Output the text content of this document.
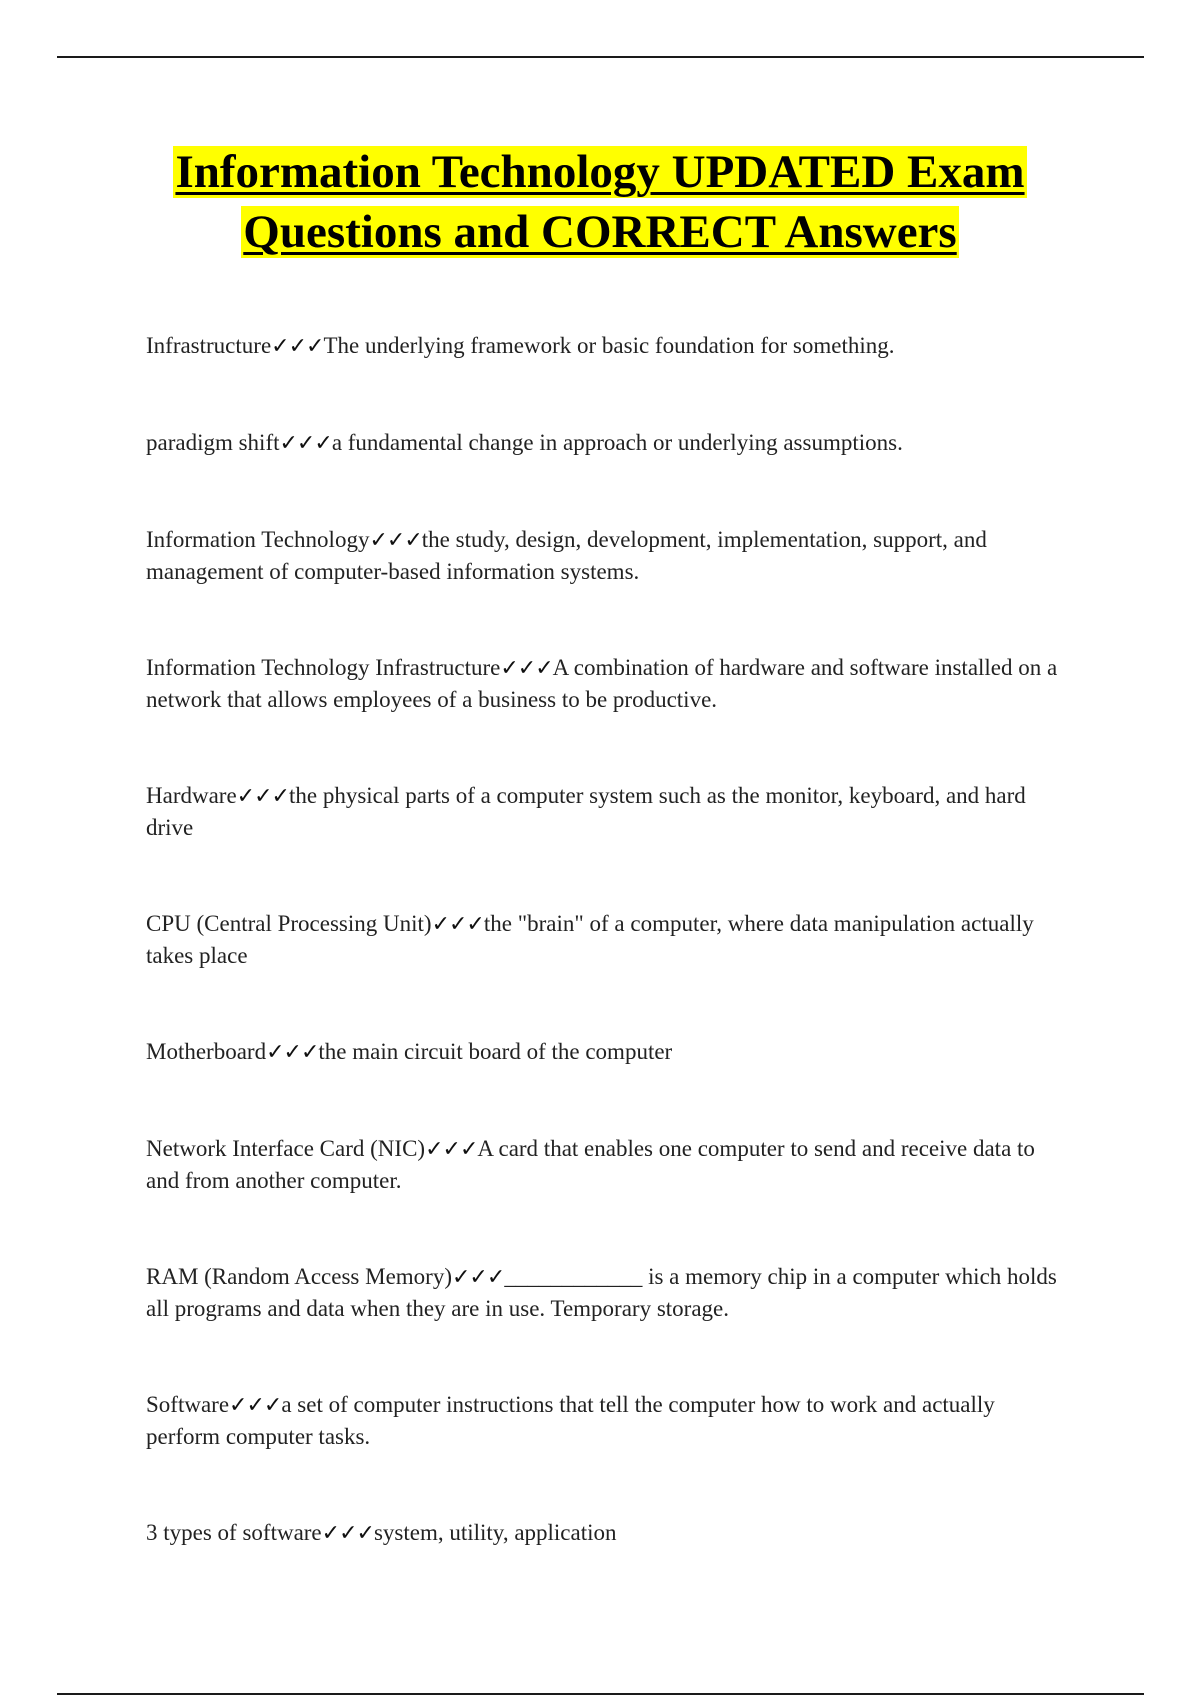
Information Technology UPDATED Exam
Questions and CORRECT Answers

Infrastructure✓✓✓The underlying framework or basic foundation for something.

paradigm shift✓✓✓a fundamental change in approach or underlying assumptions.

Information Technology✓✓✓the study, design, development, implementation, support, and management of computer-based information systems.

Information Technology Infrastructure✓✓✓A combination of hardware and software installed on a network that allows employees of a business to be productive.

Hardware✓✓✓the physical parts of a computer system such as the monitor, keyboard, and hard drive

CPU (Central Processing Unit)✓✓✓the "brain" of a computer, where data manipulation actually takes place

Motherboard✓✓✓the main circuit board of the computer

Network Interface Card (NIC)✓✓✓A card that enables one computer to send and receive data to and from another computer.

RAM (Random Access Memory)✓✓✓____________ is a memory chip in a computer which holds all programs and data when they are in use. Temporary storage.

Software✓✓✓a set of computer instructions that tell the computer how to work and actually perform computer tasks.

3 types of software✓✓✓system, utility, application
